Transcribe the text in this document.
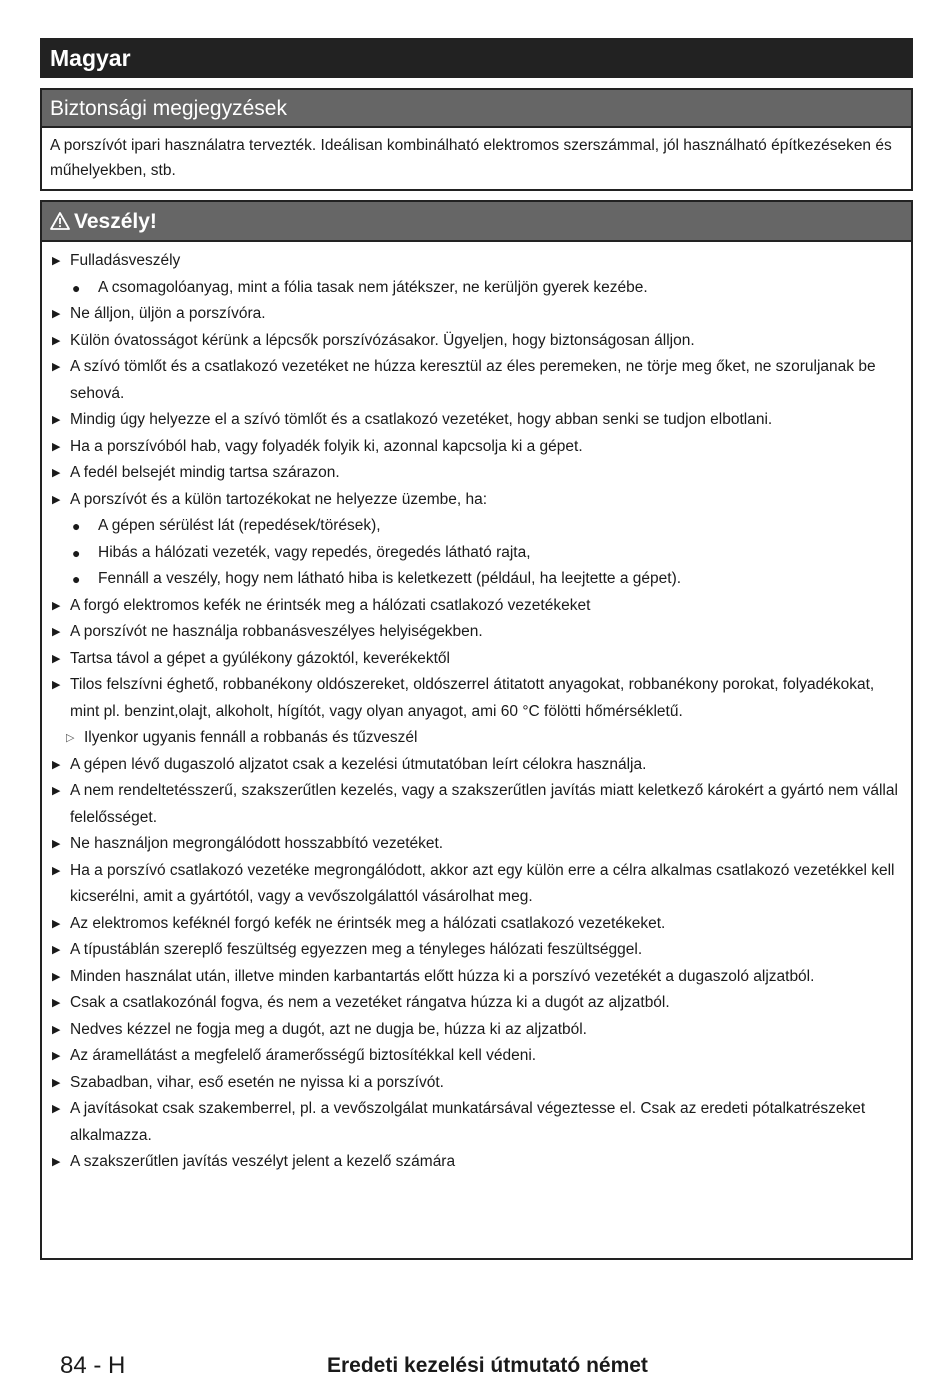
Magyar
Biztonsági megjegyzések
A porszívót ipari használatra tervezték. Ideálisan kombinálható elektromos szerszámmal, jól használható építkezéseken és műhelyekben, stb.
Veszély!
▶ Fulladásveszély
● A csomagolóanyag, mint a fólia tasak nem játékszer, ne kerüljön gyerek kezébe.
▶ Ne álljon, üljön a porszívóra.
▶ Külön óvatosságot kérünk a lépcsők porszívózásakor. Ügyeljen, hogy biztonságosan álljon.
▶ A szívó tömlőt és a csatlakozó vezetéket ne húzza keresztül az éles peremeken, ne törje meg őket, ne szoruljanak be sehová.
▶ Mindig úgy helyezze el a szívó tömlőt és a csatlakozó vezetéket, hogy abban senki se tudjon elbotlani.
▶ Ha a porszívóból hab, vagy folyadék folyik ki, azonnal kapcsolja ki a gépet.
▶ A fedél belsejét mindig tartsa szárazon.
▶ A porszívót és a külön tartozékokat ne helyezze üzembe, ha:
● A gépen sérülést lát (repedések/törések),
● Hibás a hálózati vezeték, vagy repedés, öregedés látható rajta,
● Fennáll a veszély, hogy nem látható hiba is keletkezett (például, ha leejtette a gépet).
▶ A forgó elektromos kefék ne érintsék meg a hálózati csatlakozó vezetékeket
▶ A porszívót ne használja robbanásveszélyes helyiségekben.
▶ Tartsa távol a gépet a gyúlékony gázoktól, keverékektől
▶ Tilos felszívni éghető, robbanékony oldószereket, oldószerrel átitatott anyagokat, robbanékony porokat, folyadékokat, mint pl. benzint,olajt, alkoholt, hígítót, vagy olyan anyagot, ami 60 °C fölötti hőmérsékletű.
▷ Ilyenkor ugyanis fennáll a robbanás és tűzveszél
▶ A gépen lévő dugaszoló aljzatot csak a kezelési útmutatóban leírt célokra használja.
▶ A nem rendeltetésszerű, szakszerűtlen kezelés, vagy a szakszerűtlen javítás miatt keletkező károkért a gyártó nem vállal felelősséget.
▶ Ne használjon megrongálódott hosszabbító vezetéket.
▶ Ha a porszívó csatlakozó vezetéke megrongálódott, akkor azt egy külön erre a célra alkalmas csatlakozó vezetékkel kell kicserélni, amit a gyártótól, vagy a vevőszolgálattól vásárolhat meg.
▶ Az elektromos keféknél forgó kefék ne érintsék meg a hálózati csatlakozó vezetékeket.
▶ A típustáblán szereplő feszültség egyezzen meg a tényleges hálózati feszültséggel.
▶ Minden használat után, illetve minden karbantartás előtt húzza ki a porszívó vezetékét a dugaszoló aljzatból.
▶ Csak a csatlakozónál fogva, és nem a vezetéket rángatva húzza ki a dugót az aljzatból.
▶ Nedves kézzel ne fogja meg a dugót, azt ne dugja be, húzza ki az aljzatból.
▶ Az áramellátást a megfelelő áramerősségű biztosítékkal kell védeni.
▶ Szabadban, vihar, eső esetén ne nyissa ki a porszívót.
▶ A javításokat csak szakemberrel, pl. a vevőszolgálat munkatársával végeztesse el. Csak az eredeti pótalkatrészeket alkalmazza.
▶ A szakszerűtlen javítás veszélyt jelent a kezelő számára
84 - H	Eredeti kezelési útmutató német
